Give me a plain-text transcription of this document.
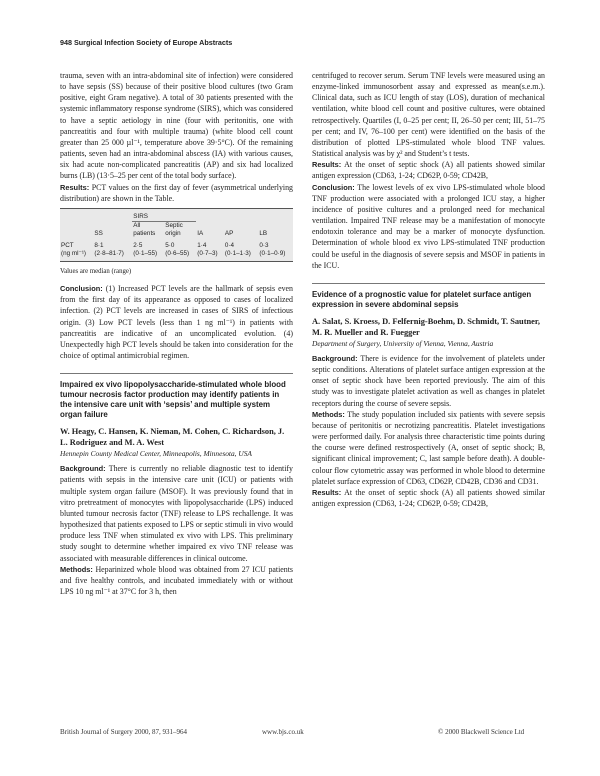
948 Surgical Infection Society of Europe Abstracts

trauma, seven with an intra-abdominal site of infection) were considered to have sepsis (SS) because of their positive blood cultures (two Gram positive, eight Gram negative). A total of 30 patients presented with the systemic inflammatory response syndrome (SIRS), which was considered to have a septic aetiology in nine (four with peritonitis, one with pancreatitis and four with multiple trauma) (white blood cell count greater than 25 000 µl⁻¹, temperature above 39·5°C). Of the remaining patients, seven had an intra-abdominal abscess (IA) with various causes, six had acute non-complicated pancreatitis (AP) and six had localized burns (LB) (13·5–25 per cent of the total body surface).

Results: PCT values on the first day of fever (asymmetrical underlying distribution) are shown in the Table.

		SIRS				
	SS	All patients	Septic origin	IA	AP	LB

PCT	8·1	2·5	5·0	1·4	0·4	0·3
(ng ml⁻¹)	(2·8–81·7)	(0·1–55)	(0·6–55)	(0·7–3)	(0·1–1·3)	(0·1–0·9)
Values are median (range)

Conclusion: (1) Increased PCT levels are the hallmark of sepsis even from the first day of its appearance as opposed to cases of localized infection. (2) PCT levels are increased in cases of SIRS of infectious origin. (3) Low PCT levels (less than 1 ng ml⁻¹) in patients with pancreatitis are indicative of an uncomplicated evolution. (4) Unexpectedly high PCT levels should be taken into consideration for the choice of optimal antimicrobial regimen.

Impaired ex vivo lipopolysaccharide-stimulated whole blood tumour necrosis factor production may identify patients in the intensive care unit with ‘sepsis’ and multiple system organ failure
W. Heagy, C. Hansen, K. Nieman, M. Cohen, C. Richardson, J. L. Rodriguez and M. A. West
Hennepin County Medical Center, Minneapolis, Minnesota, USA

Background: There is currently no reliable diagnostic test to identify patients with sepsis in the intensive care unit (ICU) or patients with multiple system organ failure (MSOF). It was previously found that in vitro pretreatment of monocytes with lipopolysaccharide (LPS) induced blunted tumour necrosis factor (TNF) release to LPS rechallenge. It was hypothesized that patients exposed to LPS or septic stimuli in vivo would produce less TNF when stimulated ex vivo with LPS. This preliminary study sought to determine whether impaired ex vivo TNF release was associated with measurable differences in clinical outcome.

Methods: Heparinized whole blood was obtained from 27 ICU patients and five healthy controls, and incubated immediately with or without LPS 10 ng ml⁻¹ at 37°C for 3 h, then

centrifuged to recover serum. Serum TNF levels were measured using an enzyme-linked immunosorbent assay and expressed as mean(s.e.m.). Clinical data, such as ICU length of stay (LOS), duration of mechanical ventilation, white blood cell count and positive cultures, were obtained retrospectively. Quartiles (I, 0–25 per cent; II, 26–50 per cent; III, 51–75 per cent; and IV, 76–100 per cent) were identified on the basis of the distribution of plotted LPS-stimulated whole blood TNF values. Statistical analysis was by χ² and Student’s t tests.

Results: At the onset of septic shock (A) all patients showed similar antigen expression (CD63, 1-24; CD62P, 0-59; CD42B,

Conclusion: The lowest levels of ex vivo LPS-stimulated whole blood TNF production were associated with a prolonged ICU stay, a higher incidence of positive cultures and a prolonged need for mechanical ventilation. Impaired TNF release may be a manifestation of monocyte endotoxin tolerance and may be a marker of monocyte dysfunction. Determination of whole blood ex vivo LPS-stimulated TNF production could be useful in the diagnosis of severe sepsis and MSOF in patients in the ICU.

Evidence of a prognostic value for platelet surface antigen expression in severe abdominal sepsis
A. Salat, S. Kroess, D. Felfernig-Boehm, D. Schmidt, T. Sautner, M. R. Mueller and R. Fuegger
Department of Surgery, University of Vienna, Vienna, Austria

Background: There is evidence for the involvement of platelets under septic conditions. Alterations of platelet surface antigen expression at the onset of septic shock have been reported previously. The aim of this study was to investigate platelet activation as well as changes in platelet receptors during the course of severe sepsis.

Methods: The study population included six patients with severe sepsis because of peritonitis or necrotizing pancreatitis. Platelet investigations were performed daily. For analysis three characteristic time points during the course were defined restrospectively (A, onset of septic shock; B, significant clinical improvement; C, last sample before death). A double-colour flow cytometric assay was performed in whole blood to determine platelet surface expression of CD63, CD62P, CD42B, CD36 and CD31.

Results: At the onset of septic shock (A) all patients showed similar antigen expression (CD63, 1-24; CD62P, 0-59; CD42B,

British Journal of Surgery 2000, 87, 931–964	www.bjs.co.uk	© 2000 Blackwell Science Ltd
